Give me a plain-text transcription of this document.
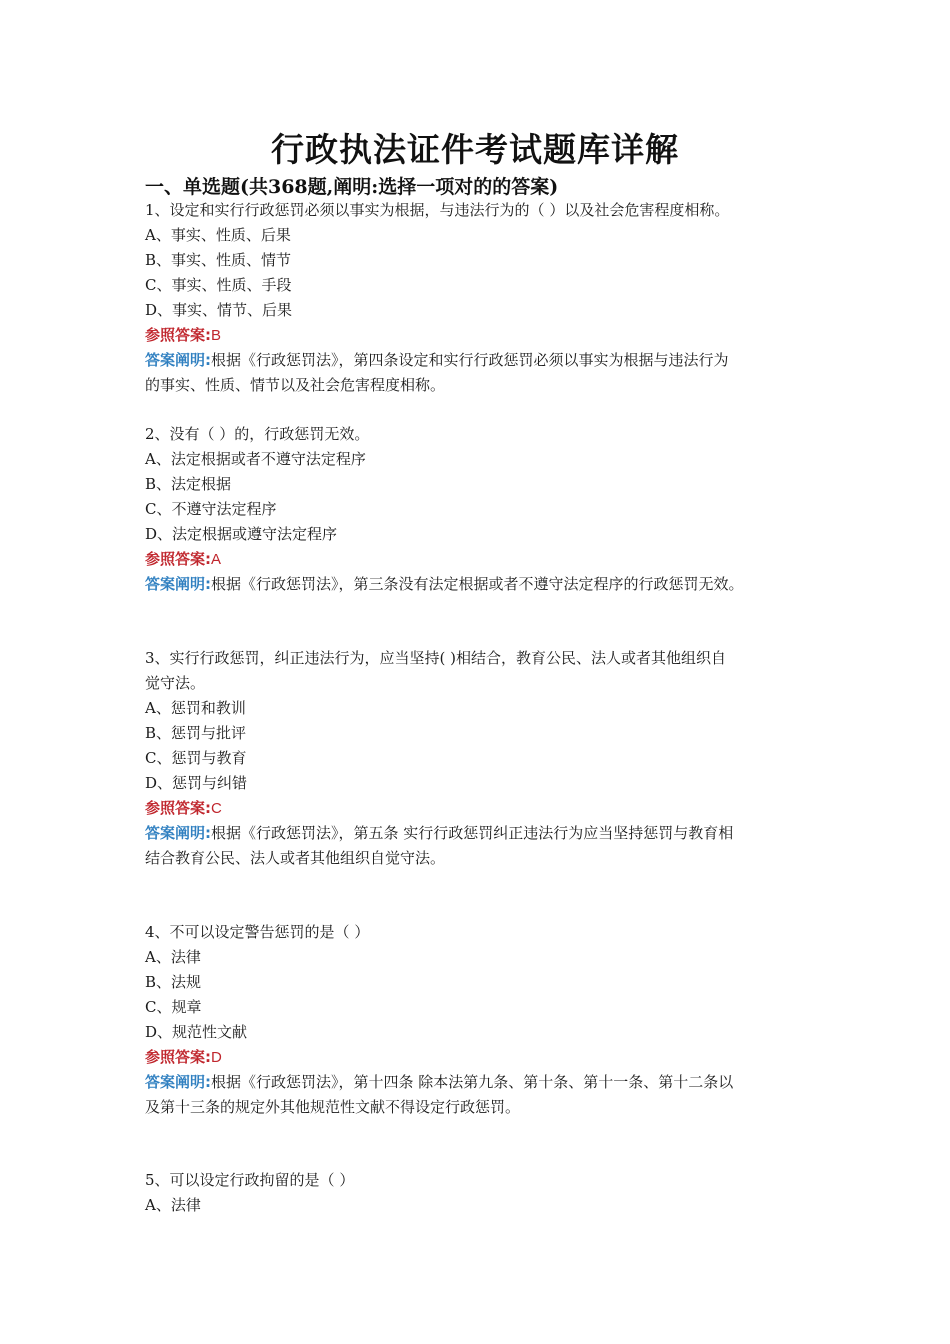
行政执法证件考试题库详解
一、单选题(共368题,阐明:选择一项对的的答案)
1、设定和实行行政惩罚必须以事实为根据，与违法行为的（ ）以及社会危害程度相称。
A、事实、性质、后果
B、事实、性质、情节
C、事实、性质、手段
D、事实、情节、后果
参照答案:B
答案阐明:根据《行政惩罚法》，第四条设定和实行行政惩罚必须以事实为根据与违法行为
的事实、性质、情节以及社会危害程度相称。
2、没有（ ）的，行政惩罚无效。
A、法定根据或者不遵守法定程序
B、法定根据
C、不遵守法定程序
D、法定根据或遵守法定程序
参照答案:A
答案阐明:根据《行政惩罚法》，第三条没有法定根据或者不遵守法定程序的行政惩罚无效。
3、实行行政惩罚，纠正违法行为，应当坚持( )相结合，教育公民、法人或者其他组织自
觉守法。
A、惩罚和教训
B、惩罚与批评
C、惩罚与教育
D、惩罚与纠错
参照答案:C
答案阐明:根据《行政惩罚法》，第五条 实行行政惩罚纠正违法行为应当坚持惩罚与教育相
结合教育公民、法人或者其他组织自觉守法。
4、不可以设定警告惩罚的是（ ）
A、法律
B、法规
C、规章
D、规范性文献
参照答案:D
答案阐明:根据《行政惩罚法》，第十四条 除本法第九条、第十条、第十一条、第十二条以
及第十三条的规定外其他规范性文献不得设定行政惩罚。
5、可以设定行政拘留的是（ ）
A、法律
